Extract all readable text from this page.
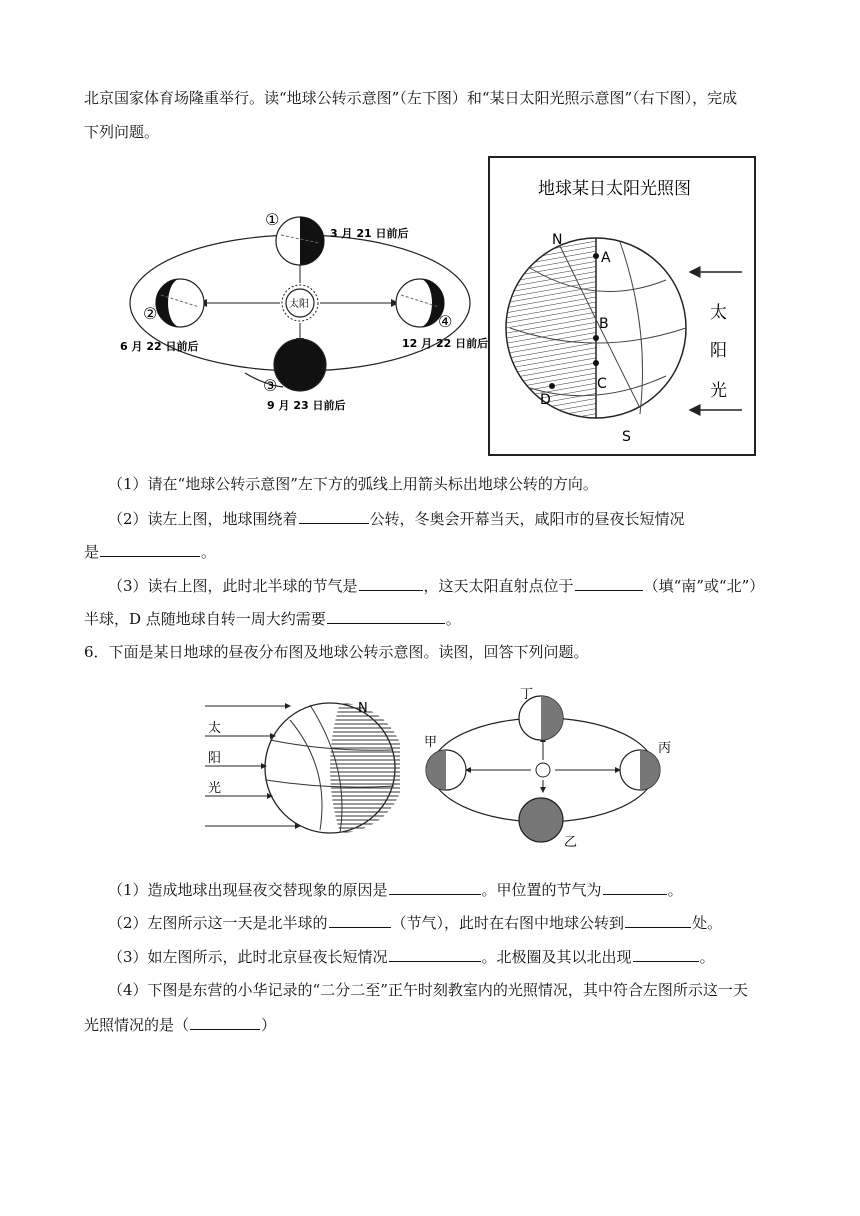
北京国家体育场隆重举行。读“地球公转示意图”（左下图）和“某日太阳光照示意图”（右下图），完成
下列问题。
①
3 月 21 日前后
②
6 月 22 日前后
④
12 月 22 日前后
③
9 月 23 日前后
太阳
地球某日太阳光照图
N
A
B
C
D
S
太
阳
光
（1）请在“地球公转示意图”左下方的弧线上用箭头标出地球公转的方向。
（2）读左上图，地球围绕着	公转，冬奥会开幕当天，咸阳市的昼夜长短情况
是	。
（3）读右上图，此时北半球的节气是	，这天太阳直射点位于	（填“南”或“北”）
半球，D 点随地球自转一周大约需要	。
6．下面是某日地球的昼夜分布图及地球公转示意图。读图，回答下列问题。
N
太
阳
光
丁
甲	丙
乙
（1）造成地球出现昼夜交替现象的原因是	。甲位置的节气为	。
（2）左图所示这一天是北半球的	（节气），此时在右图中地球公转到	处。
（3）如左图所示，此时北京昼夜长短情况	。北极圈及其以北出现	。
（4）下图是东营的小华记录的“二分二至”正午时刻教室内的光照情况，其中符合左图所示这一天
光照情况的是（	）
